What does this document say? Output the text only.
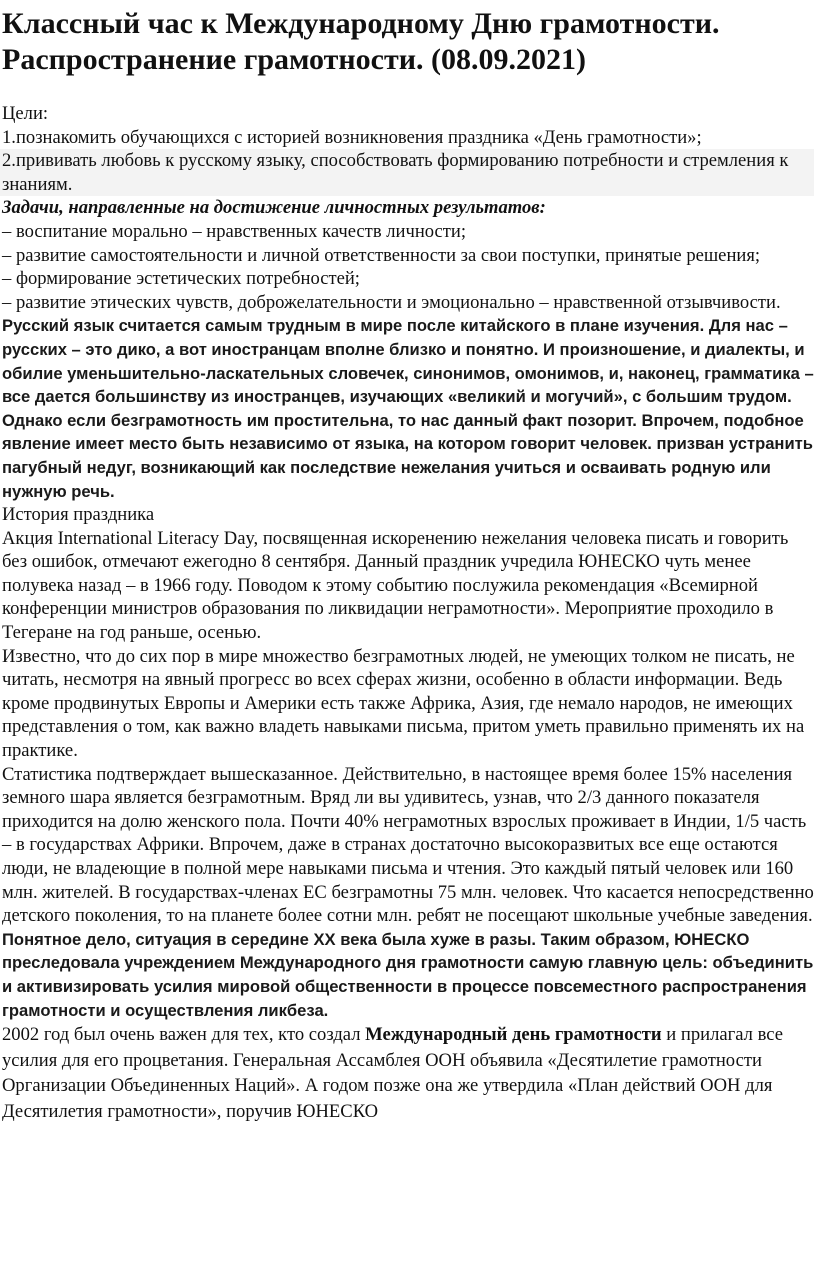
Классный час к Международному Дню грамотности.
Распространение грамотности. (08.09.2021)

Цели:

1.познакомить обучающихся с историей возникновения праздника «День грамотности»;

2.прививать любовь к русскому языку, способствовать формированию потребности и стремления к знаниям.

Задачи, направленные на достижение личностных результатов:

– воспитание морально – нравственных качеств личности;

– развитие самостоятельности и личной ответственности за свои поступки, принятые решения;

– формирование эстетических потребностей;

– развитие этических чувств, доброжелательности и эмоционально – нравственной отзывчивости.

Русский язык считается самым трудным в мире после китайского в плане изучения. Для нас – русских – это дико, а вот иностранцам вполне близко и понятно. И произношение, и диалекты, и обилие уменьшительно-ласкательных словечек, синонимов, омонимов, и, наконец, грамматика – все дается большинству из иностранцев, изучающих «великий и могучий», с большим трудом. Однако если безграмотность им простительна, то нас данный факт позорит. Впрочем, подобное явление имеет место быть независимо от языка, на котором говорит человек. призван устранить пагубный недуг, возникающий как последствие нежелания учиться и осваивать родную или нужную речь.

История праздника

Акция International Literacy Day, посвященная искоренению нежелания человека писать и говорить без ошибок, отмечают ежегодно 8 сентября. Данный праздник учредила ЮНЕСКО чуть менее полувека назад – в 1966 году. Поводом к этому событию послужила рекомендация «Всемирной конференции министров образования по ликвидации неграмотности». Мероприятие проходило в Тегеране на год раньше, осенью.

Известно, что до сих пор в мире множество безграмотных людей, не умеющих толком не писать, не читать, несмотря на явный прогресс во всех сферах жизни, особенно в области информации. Ведь кроме продвинутых Европы и Америки есть также Африка, Азия, где немало народов, не имеющих представления о том, как важно владеть навыками письма, притом уметь правильно применять их на практике.

Статистика подтверждает вышесказанное. Действительно, в настоящее время более 15% населения земного шара является безграмотным. Вряд ли вы удивитесь, узнав, что 2/3 данного показателя приходится на долю женского пола. Почти 40% неграмотных взрослых проживает в Индии, 1/5 часть – в государствах Африки. Впрочем, даже в странах достаточно высокоразвитых все еще остаются люди, не владеющие в полной мере навыками письма и чтения. Это каждый пятый человек или 160 млн. жителей. В государствах-членах ЕС безграмотны 75 млн. человек. Что касается непосредственно детского поколения, то на планете более сотни млн. ребят не посещают школьные учебные заведения.

Понятное дело, ситуация в середине XX века была хуже в разы. Таким образом, ЮНЕСКО преследовала учреждением Международного дня грамотности самую главную цель: объединить и активизировать усилия мировой общественности в процессе повсеместного распространения грамотности и осуществления ликбеза.

2002 год был очень важен для тех, кто создал Международный день грамотности и прилагал все усилия для его процветания. Генеральная Ассамблея ООН объявила «Десятилетие грамотности Организации Объединенных Наций». А годом позже она же утвердила «План действий ООН для Десятилетия грамотности», поручив ЮНЕСКО
